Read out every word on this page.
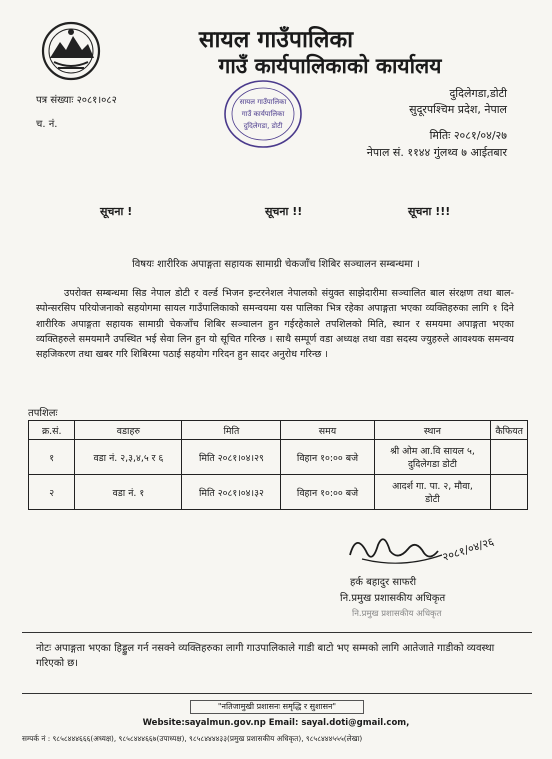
सायल गाउँपालिका
गाउँ कार्यपालिकाको कार्यालय
पत्र संख्याः २०८१।०८२
च. नं.
सायल गाउँपालिका
गाउँ कार्यपालिका
दुदिलेगडा, डोटी
दुदिलेगडा,डोटी
सुदूरपश्चिम प्रदेश, नेपाल
मितिः २०८१/०४/२७
नेपाल सं. ११४४ गुंलथ्व ७ आईतबार
सूचना !	सूचना !!	सूचना !!!
विषयः शारीरिक अपाङ्गता सहायक सामाग्री चेकजाँच शिबिर सञ्चालन सम्बन्धमा ।
उपरोक्त सम्बन्धमा सिड नेपाल डोटी र वर्ल्ड भिजन इन्टरनेशल नेपालको संयुक्त साझेदारीमा सञ्चालित बाल संरक्षण तथा बाल-स्पोन्सरसिप परियोजनाको सहयोगमा सायल गाउँपालिकाको समन्वयमा यस पालिका भित्र रहेका अपाङ्गता भएका व्यक्तिहरुका लागि १ दिने शारीरिक अपाङ्गता सहायक सामाग्री चेकजाँच शिबिर सञ्चालन हुन गईरहेकाले तपशिलको मिति, स्थान र समयमा अपाङ्गता भएका व्यक्तिहरुले समयमानै उपस्थित भई सेवा लिन हुन यो सूचित गरिन्छ । साथै सम्पूर्ण वडा अध्यक्ष तथा वडा सदस्य ज्युहरुले आवश्यक समन्वय सहजिकरण तथा खबर गरि शिबिरमा पठाई सहयोग गरिदन हुन सादर अनुरोध गरिन्छ ।
तपशिलः
क्र.सं.	वडाहरु	मिति	समय	स्थान	कैफियत
१	वडा नं. २,३,४,५ र ६	मिति २०८१।०४।२९	विहान १०:०० बजे	श्री ओम आ.वि सायल ५,
दुदिलेगडा डोटी	
२	वडा नं. १	मिति २०८१।०४।३२	विहान १०:०० बजे	आदर्श गा. पा. २, मौवा,
डोटी	
२०८१/०४/२६
हर्क बहादुर साफरी
नि.प्रमुख प्रशासकीय अधिकृत
नि.प्रमुख प्रशासकीय अधिकृत
नोटः अपाङ्गता भएका हिड्डुल गर्न नसक्ने व्यक्तिहरुका लागी गाउपालिकाले गाडी बाटो भए सम्मको लागि आतेजाते गाडीको व्यवस्था गरिएको छ।
"नतिजामुखी प्रशासनः समृद्धि र सुशासन"
Website:sayalmun.gov.np Email: sayal.doti@gmail.com,
सम्पर्क नं : ९८५८४४४६६६(अध्यक्ष), ९८५८४४४६६७(उपाध्यक्ष), ९८५८४४४४३३(प्रमुख प्रशासकीय अधिकृत), ९८५८४४४५५५(लेखा)
